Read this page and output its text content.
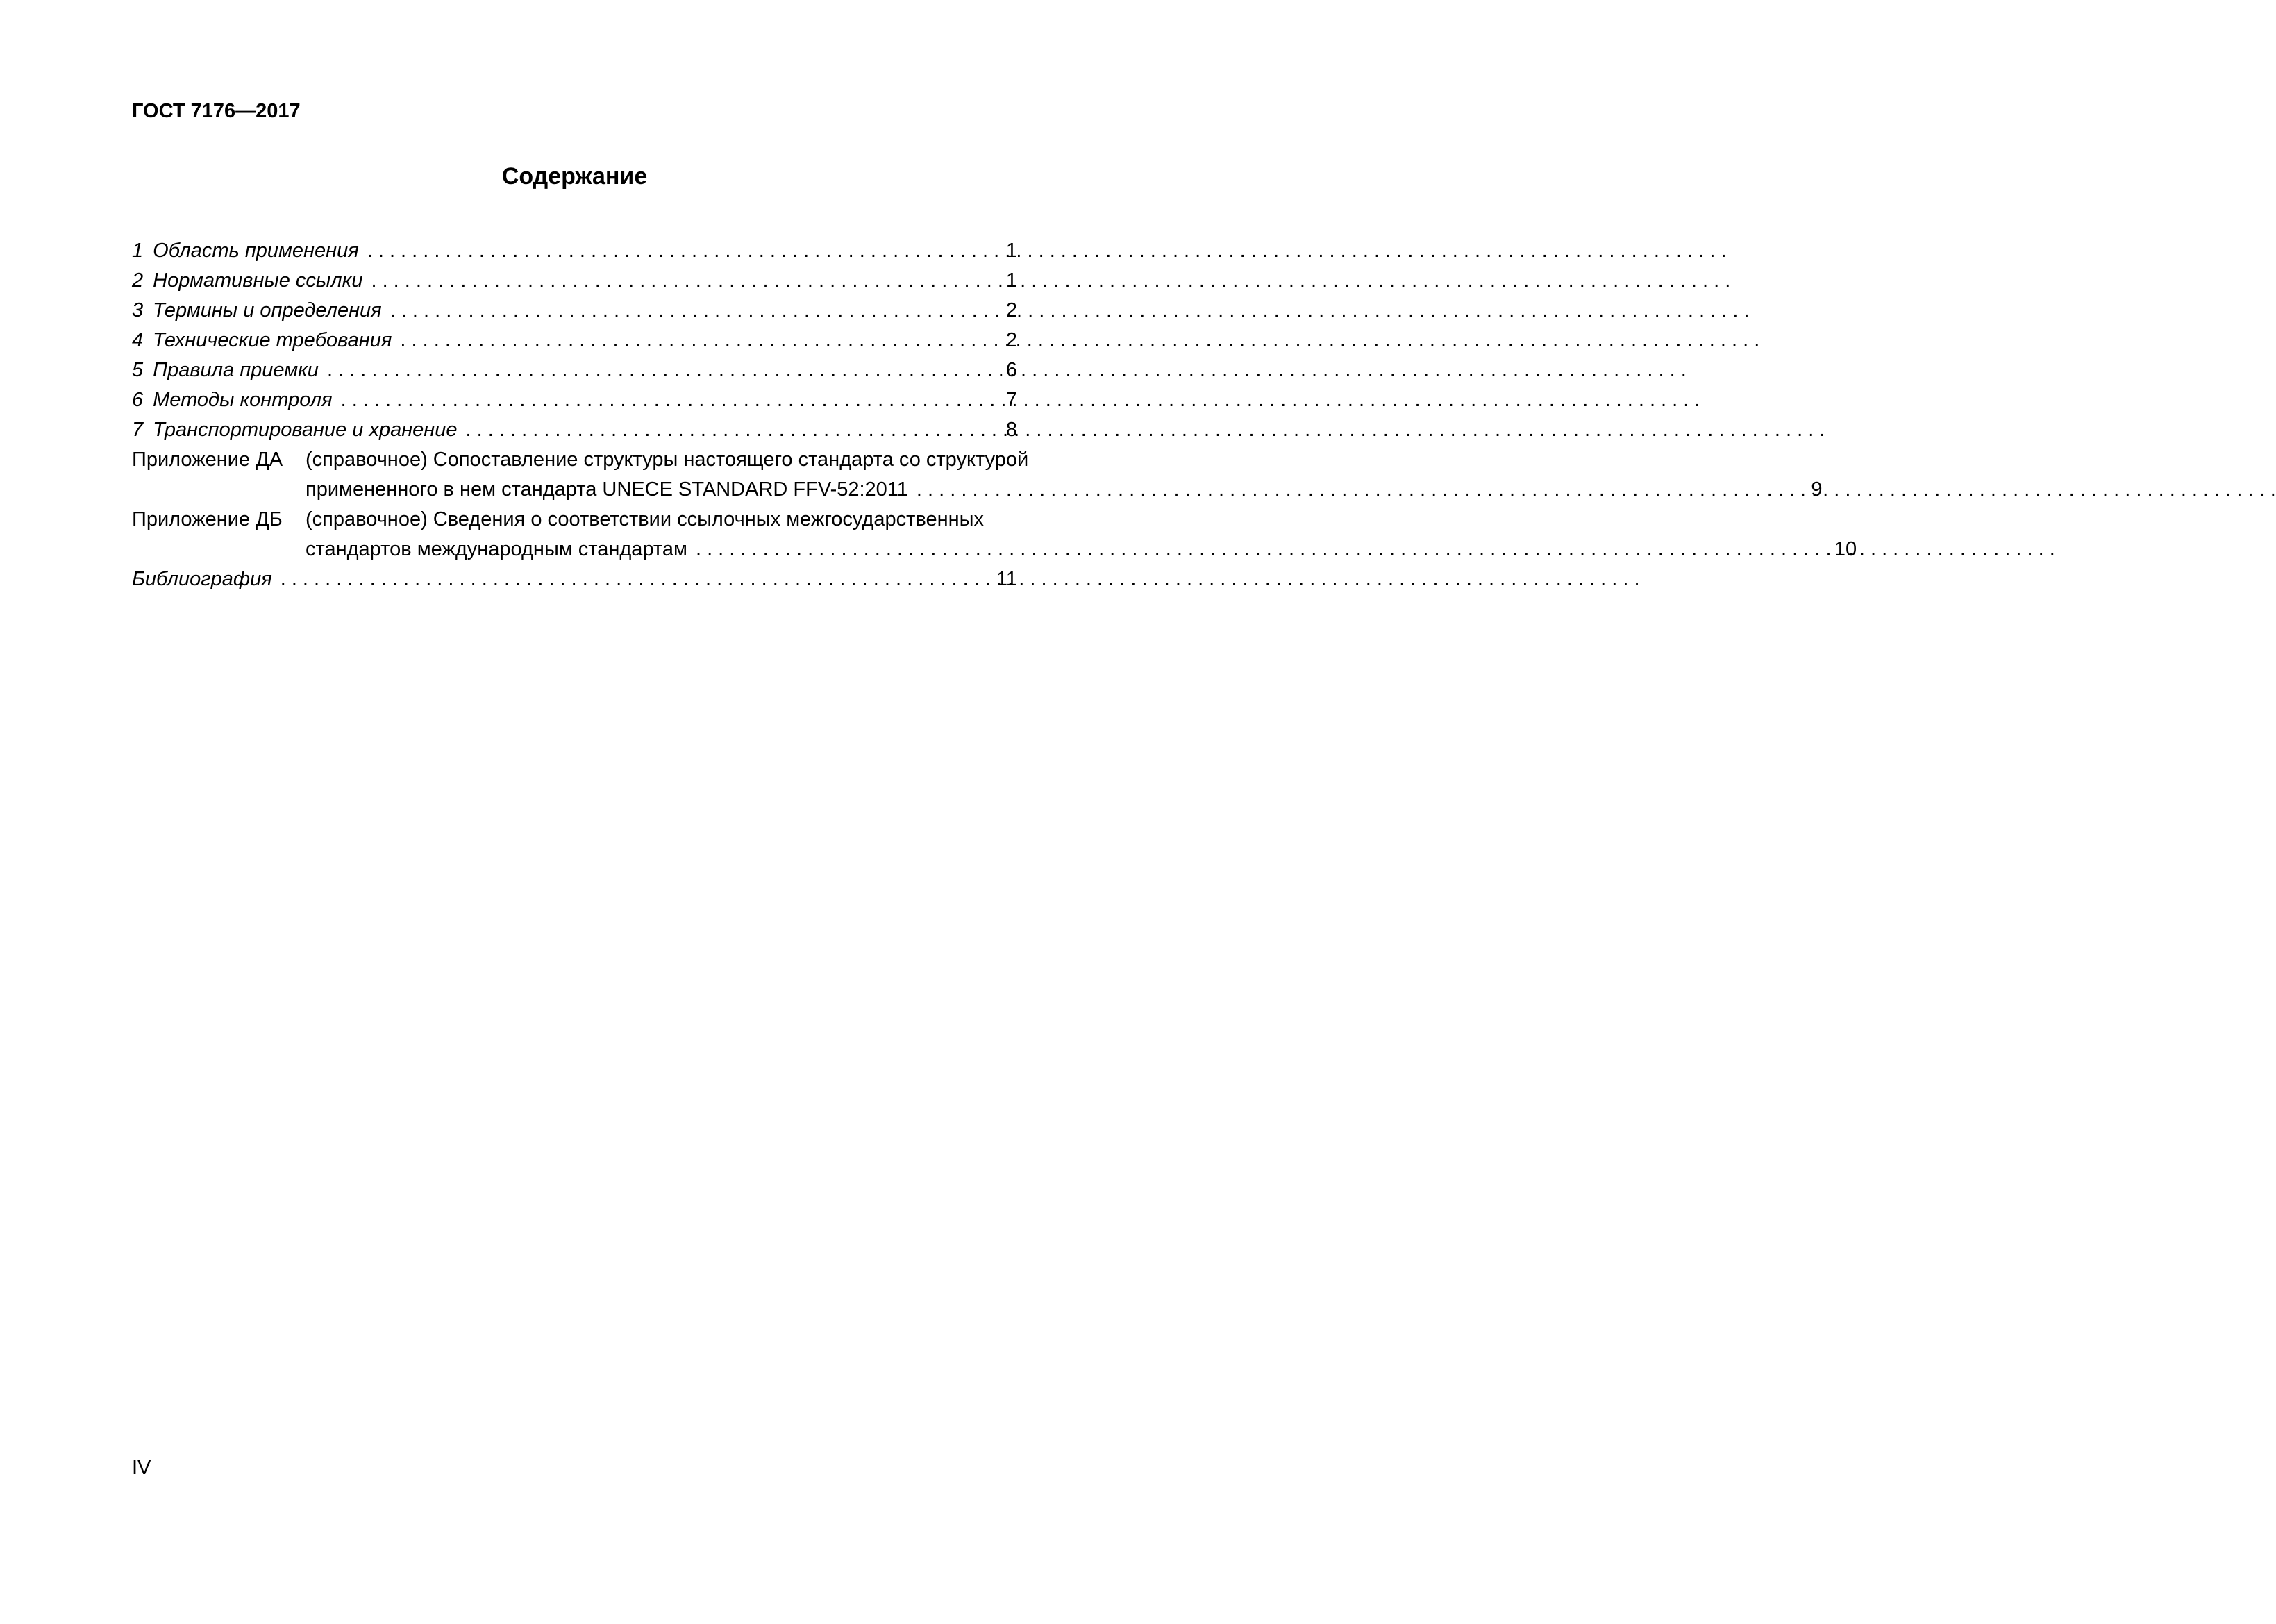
ГОСТ 7176—2017
Содержание
1 Область применения . . .	1
2 Нормативные ссылки . . .	1
3 Термины и определения . . .	2
4 Технические требования . . .	2
5 Правила приемки . . .	6
6 Методы контроля . . .	7
7 Транспортирование и хранение . . .	8
Приложение ДА	(справочное) Сопоставление структуры настоящего стандарта со структурой
примененного в нем стандарта UNECE STANDARD FFV-52:2011 . . .	9
Приложение ДБ	(справочное) Сведения о соответствии ссылочных межгосударственных
стандартов международным стандартам . . .	10
Библиография . . .	11
IV
